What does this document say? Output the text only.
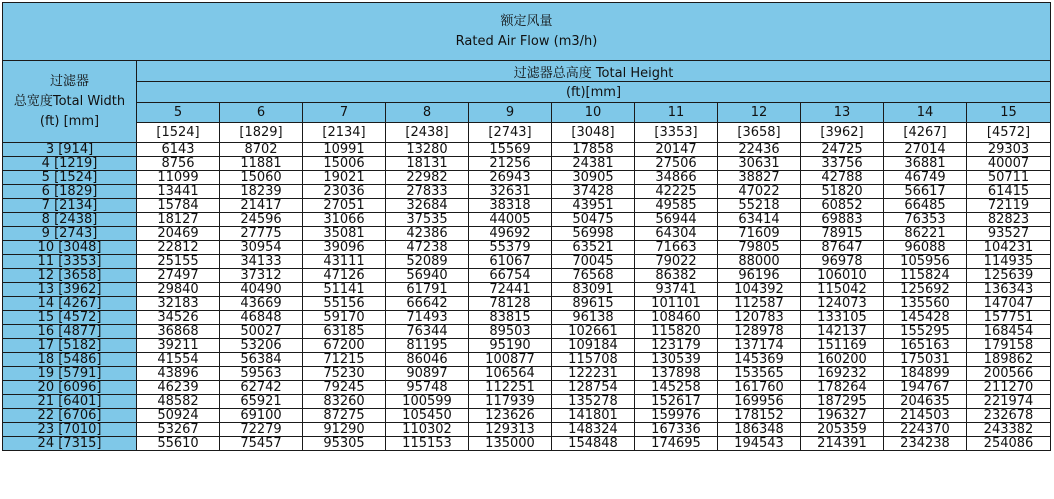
额定风量
Rated Air Flow (m3/h)											

过滤器
总宽度Total Width
(ft) [mm]	过滤器总高度 Total Height										
	(ft)[mm]										
	5	6	7	8	9	10	11	12	13	14	15
	[1524]	[1829]	[2134]	[2438]	[2743]	[3048]	[3353]	[3658]	[3962]	[4267]	[4572]
3 [914]	6143	8702	10991	13280	15569	17858	20147	22436	24725	27014	29303
4 [1219]	8756	11881	15006	18131	21256	24381	27506	30631	33756	36881	40007
5 [1524]	11099	15060	19021	22982	26943	30905	34866	38827	42788	46749	50711
6 [1829]	13441	18239	23036	27833	32631	37428	42225	47022	51820	56617	61415
7 [2134]	15784	21417	27051	32684	38318	43951	49585	55218	60852	66485	72119
8 [2438]	18127	24596	31066	37535	44005	50475	56944	63414	69883	76353	82823
9 [2743]	20469	27775	35081	42386	49692	56998	64304	71609	78915	86221	93527
10 [3048]	22812	30954	39096	47238	55379	63521	71663	79805	87647	96088	104231
11 [3353]	25155	34133	43111	52089	61067	70045	79022	88000	96978	105956	114935
12 [3658]	27497	37312	47126	56940	66754	76568	86382	96196	106010	115824	125639
13 [3962]	29840	40490	51141	61791	72441	83091	93741	104392	115042	125692	136343
14 [4267]	32183	43669	55156	66642	78128	89615	101101	112587	124073	135560	147047
15 [4572]	34526	46848	59170	71493	83815	96138	108460	120783	133105	145428	157751
16 [4877]	36868	50027	63185	76344	89503	102661	115820	128978	142137	155295	168454
17 [5182]	39211	53206	67200	81195	95190	109184	123179	137174	151169	165163	179158
18 [5486]	41554	56384	71215	86046	100877	115708	130539	145369	160200	175031	189862
19 [5791]	43896	59563	75230	90897	106564	122231	137898	153565	169232	184899	200566
20 [6096]	46239	62742	79245	95748	112251	128754	145258	161760	178264	194767	211270
21 [6401]	48582	65921	83260	100599	117939	135278	152617	169956	187295	204635	221974
22 [6706]	50924	69100	87275	105450	123626	141801	159976	178152	196327	214503	232678
23 [7010]	53267	72279	91290	110302	129313	148324	167336	186348	205359	224370	243382
24 [7315]	55610	75457	95305	115153	135000	154848	174695	194543	214391	234238	254086
